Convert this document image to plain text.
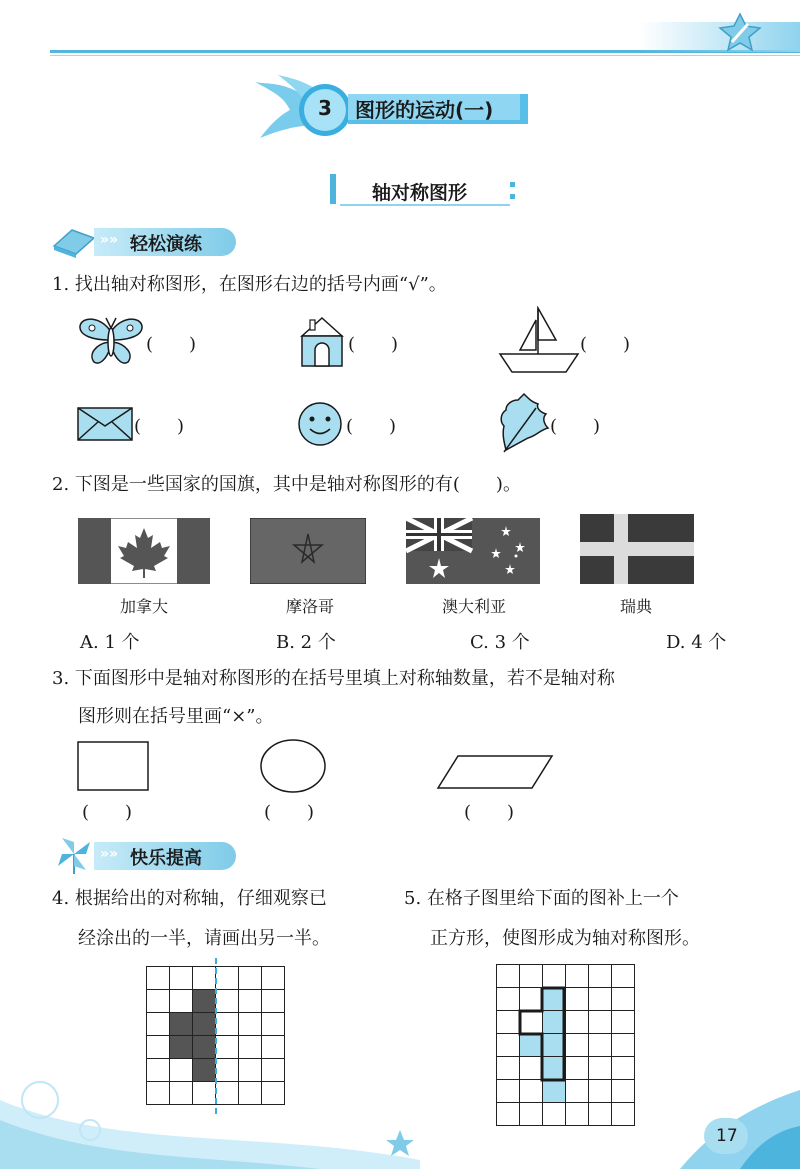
3 图形的运动(一)
轴对称图形
»» 轻松演练
1. 找出轴对称图形，在图形右边的括号内画“√”。
(　　)	(　　)	(　　)
(　　)	(　　)	(　　)
2. 下图是一些国家的国旗，其中是轴对称图形的有(　　)。
加拿大	摩洛哥	澳大利亚	瑞典
A. 1 个	B. 2 个	C. 3 个	D. 4 个
3. 下面图形中是轴对称图形的在括号里填上对称轴数量，若不是轴对称
图形则在括号里画“×”。
(　　)	(　　)	(　　)
»» 快乐提高
4. 根据给出的对称轴，仔细观察已
经涂出的一半，请画出另一半。
5. 在格子图里给下面的图补上一个
正方形，使图形成为轴对称图形。

17
